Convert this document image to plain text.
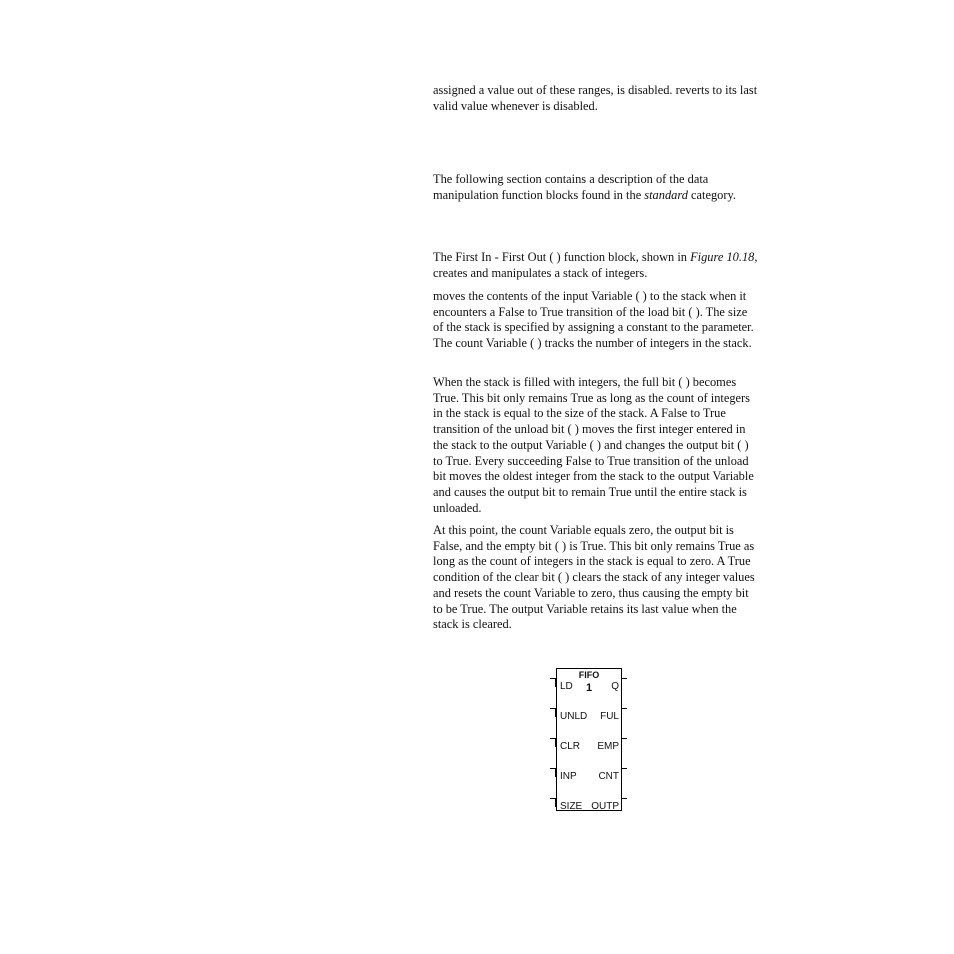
assigned a value out of these ranges, is disabled. reverts to its last valid value whenever is disabled.

The following section contains a description of the data manipulation function blocks found in the standard category.

The First In - First Out ( ) function block, shown in Figure 10.18, creates and manipulates a stack of integers.

moves the contents of the input Variable ( ) to the stack when it encounters a False to True transition of the load bit ( ). The size of the stack is specified by assigning a constant to the parameter. The count Variable ( ) tracks the number of integers in the stack.

When the stack is filled with integers, the full bit ( ) becomes True. This bit only remains True as long as the count of integers in the stack is equal to the size of the stack. A False to True transition of the unload bit ( ) moves the first integer entered in the stack to the output Variable ( ) and changes the output bit ( ) to True. Every succeeding False to True transition of the unload bit moves the oldest integer from the stack to the output Variable and causes the output bit to remain True until the entire stack is unloaded.

At this point, the count Variable equals zero, the output bit is False, and the empty bit ( ) is True. This bit only remains True as long as the count of integers in the stack is equal to zero. A True condition of the clear bit ( ) clears the stack of any integer values and resets the count Variable to zero, thus causing the empty bit to be True. The output Variable retains its last value when the stack is cleared.

FIFO
1
LD
UNLD
CLR
INP
SIZE
Q
FUL
EMP
CNT
OUTP
